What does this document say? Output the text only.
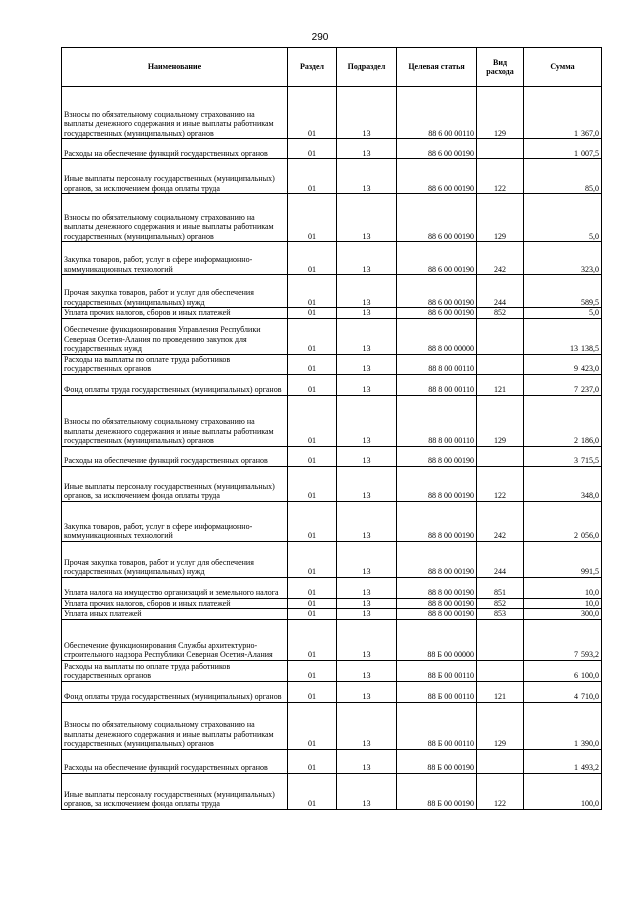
290
Наименование	Раздел	Подраздел	Целевая статья	Вид расхода	Сумма
Взносы по обязательному социальному страхованию на выплаты денежного содержания и иные выплаты работникам государственных (муниципальных) органов	01	13	88 6 00 00110	129	1 367,0
Расходы на обеспечение функций государственных органов	01	13	88 6 00 00190		1 007,5
Иные выплаты персоналу государственных (муниципальных) органов, за исключением фонда оплаты труда	01	13	88 6 00 00190	122	85,0
Взносы по обязательному социальному страхованию на выплаты денежного содержания и иные выплаты работникам государственных (муниципальных) органов	01	13	88 6 00 00190	129	5,0
Закупка товаров, работ, услуг в сфере информационно-коммуникационных технологий	01	13	88 6 00 00190	242	323,0
Прочая закупка товаров, работ и услуг для обеспечения государственных (муниципальных) нужд	01	13	88 6 00 00190	244	589,5
Уплата прочих налогов, сборов и иных платежей	01	13	88 6 00 00190	852	5,0
Обеспечение функционирования Управления Республики Северная Осетия-Алания по проведению закупок для государственных нужд	01	13	88 8 00 00000		13 138,5
Расходы на выплаты по оплате труда работников государственных органов	01	13	88 8 00 00110		9 423,0
Фонд оплаты труда государственных (муниципальных) органов	01	13	88 8 00 00110	121	7 237,0
Взносы по обязательному социальному страхованию на выплаты денежного содержания и иные выплаты работникам государственных (муниципальных) органов	01	13	88 8 00 00110	129	2 186,0
Расходы на обеспечение функций государственных органов	01	13	88 8 00 00190		3 715,5
Иные выплаты персоналу государственных (муниципальных) органов, за исключением фонда оплаты труда	01	13	88 8 00 00190	122	348,0
Закупка товаров, работ, услуг в сфере информационно-коммуникационных технологий	01	13	88 8 00 00190	242	2 056,0
Прочая закупка товаров, работ и услуг для обеспечения государственных (муниципальных) нужд	01	13	88 8 00 00190	244	991,5
Уплата налога на имущество организаций и земельного налога	01	13	88 8 00 00190	851	10,0
Уплата прочих налогов, сборов и иных платежей	01	13	88 8 00 00190	852	10,0
Уплата иных платежей	01	13	88 8 00 00190	853	300,0
Обеспечение функционирования Службы архитектурно-строительного надзора Республики Северная Осетия-Алания	01	13	88 Б 00 00000		7 593,2
Расходы на выплаты по оплате труда работников государственных органов	01	13	88 Б 00 00110		6 100,0
Фонд оплаты труда государственных (муниципальных) органов	01	13	88 Б 00 00110	121	4 710,0
Взносы по обязательному социальному страхованию на выплаты денежного содержания и иные выплаты работникам государственных (муниципальных) органов	01	13	88 Б 00 00110	129	1 390,0
Расходы на обеспечение функций государственных органов	01	13	88 Б 00 00190		1 493,2
Иные выплаты персоналу государственных (муниципальных) органов, за исключением фонда оплаты труда	01	13	88 Б 00 00190	122	100,0
